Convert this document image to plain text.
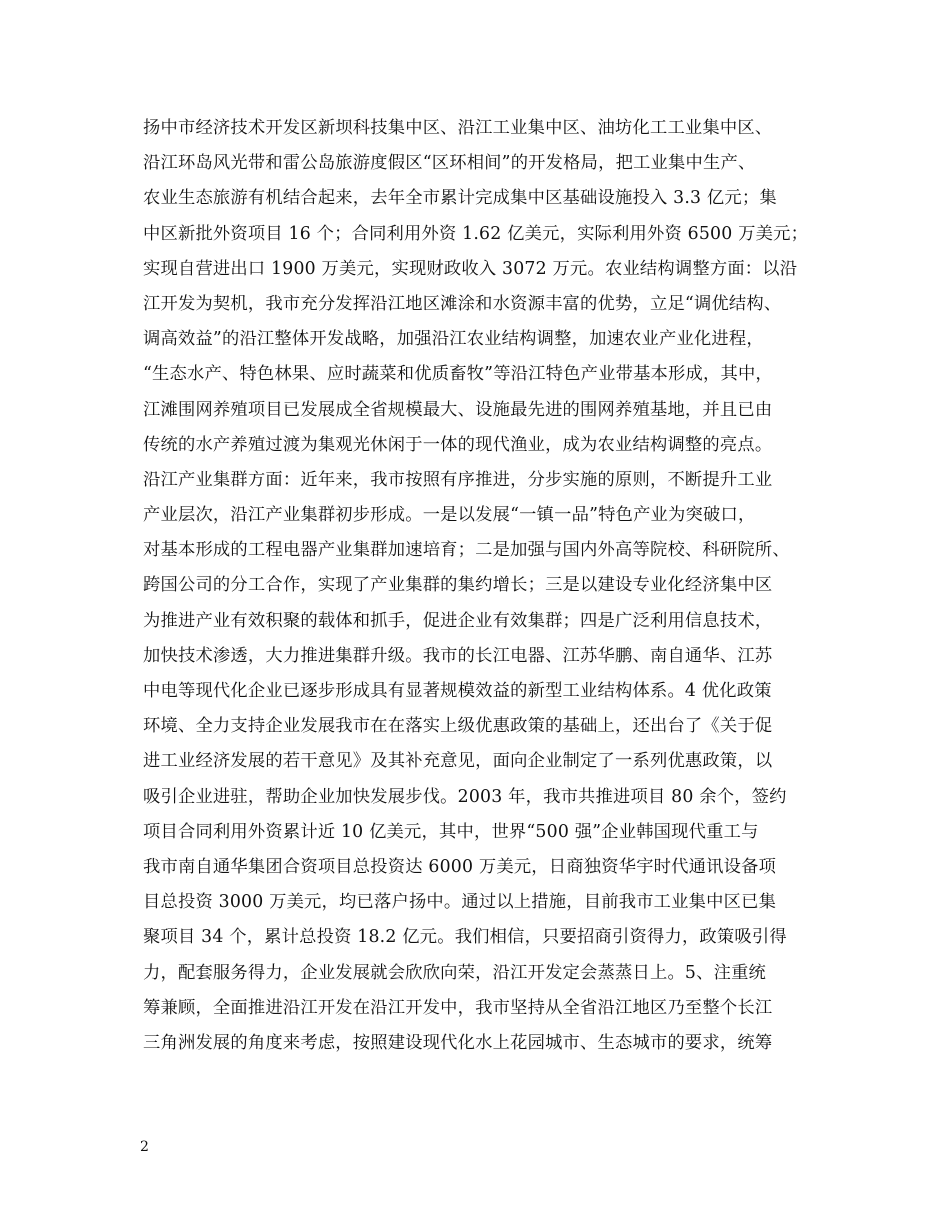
扬中市经济技术开发区新坝科技集中区、沿江工业集中区、油坊化工工业集中区、
沿江环岛风光带和雷公岛旅游度假区“区环相间”的开发格局，把工业集中生产、
农业生态旅游有机结合起来，去年全市累计完成集中区基础设施投入 3.3 亿元；集
中区新批外资项目 16 个；合同利用外资 1.62 亿美元，实际利用外资 6500 万美元；
实现自营进出口 1900 万美元，实现财政收入 3072 万元。农业结构调整方面：以沿
江开发为契机，我市充分发挥沿江地区滩涂和水资源丰富的优势，立足“调优结构、
调高效益”的沿江整体开发战略，加强沿江农业结构调整，加速农业产业化进程，
“生态水产、特色林果、应时蔬菜和优质畜牧”等沿江特色产业带基本形成，其中，
江滩围网养殖项目已发展成全省规模最大、设施最先进的围网养殖基地，并且已由
传统的水产养殖过渡为集观光休闲于一体的现代渔业，成为农业结构调整的亮点。
沿江产业集群方面：近年来，我市按照有序推进，分步实施的原则，不断提升工业
产业层次，沿江产业集群初步形成。一是以发展“一镇一品”特色产业为突破口，
对基本形成的工程电器产业集群加速培育；二是加强与国内外高等院校、科研院所、
跨国公司的分工合作，实现了产业集群的集约增长；三是以建设专业化经济集中区
为推进产业有效积聚的载体和抓手，促进企业有效集群；四是广泛利用信息技术，
加快技术渗透，大力推进集群升级。我市的长江电器、江苏华鹏、南自通华、江苏
中电等现代化企业已逐步形成具有显著规模效益的新型工业结构体系。4 优化政策
环境、全力支持企业发展我市在在落实上级优惠政策的基础上，还出台了《关于促
进工业经济发展的若干意见》及其补充意见，面向企业制定了一系列优惠政策，以
吸引企业进驻，帮助企业加快发展步伐。2003 年，我市共推进项目 80 余个，签约
项目合同利用外资累计近 10 亿美元，其中，世界“500 强”企业韩国现代重工与
我市南自通华集团合资项目总投资达 6000 万美元，日商独资华宇时代通讯设备项
目总投资 3000 万美元，均已落户扬中。通过以上措施，目前我市工业集中区已集
聚项目 34 个，累计总投资 18.2 亿元。我们相信，只要招商引资得力，政策吸引得
力，配套服务得力，企业发展就会欣欣向荣，沿江开发定会蒸蒸日上。5、注重统
筹兼顾，全面推进沿江开发在沿江开发中，我市坚持从全省沿江地区乃至整个长江
三角洲发展的角度来考虑，按照建设现代化水上花园城市、生态城市的要求，统筹
2
